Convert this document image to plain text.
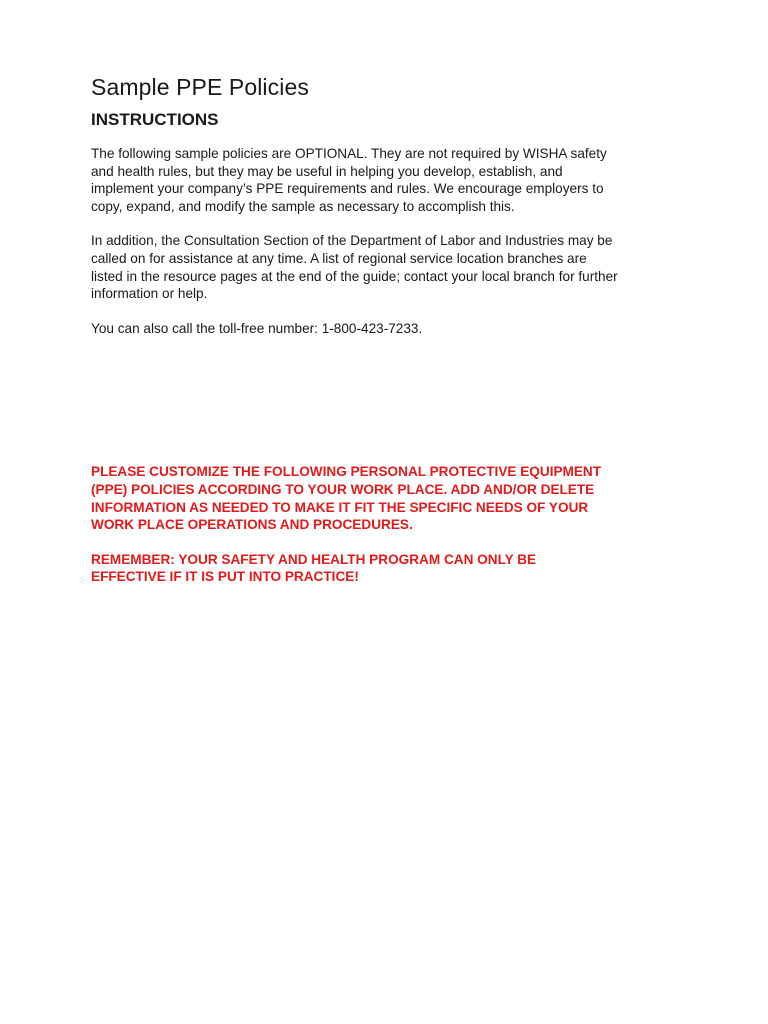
Sample PPE Policies
INSTRUCTIONS

The following sample policies are OPTIONAL. They are not required by WISHA safety
and health rules, but they may be useful in helping you develop, establish, and
implement your company’s PPE requirements and rules. We encourage employers to
copy, expand, and modify the sample as necessary to accomplish this.

In addition, the Consultation Section of the Department of Labor and Industries may be
called on for assistance at any time. A list of regional service location branches are
listed in the resource pages at the end of the guide; contact your local branch for further
information or help.

You can also call the toll-free number: 1-800-423-7233.

PLEASE CUSTOMIZE THE FOLLOWING PERSONAL PROTECTIVE EQUIPMENT
(PPE) POLICIES ACCORDING TO YOUR WORK PLACE. ADD AND/OR DELETE
INFORMATION AS NEEDED TO MAKE IT FIT THE SPECIFIC NEEDS OF YOUR
WORK PLACE OPERATIONS AND PROCEDURES.

REMEMBER: YOUR SAFETY AND HEALTH PROGRAM CAN ONLY BE
EFFECTIVE IF IT IS PUT INTO PRACTICE!
